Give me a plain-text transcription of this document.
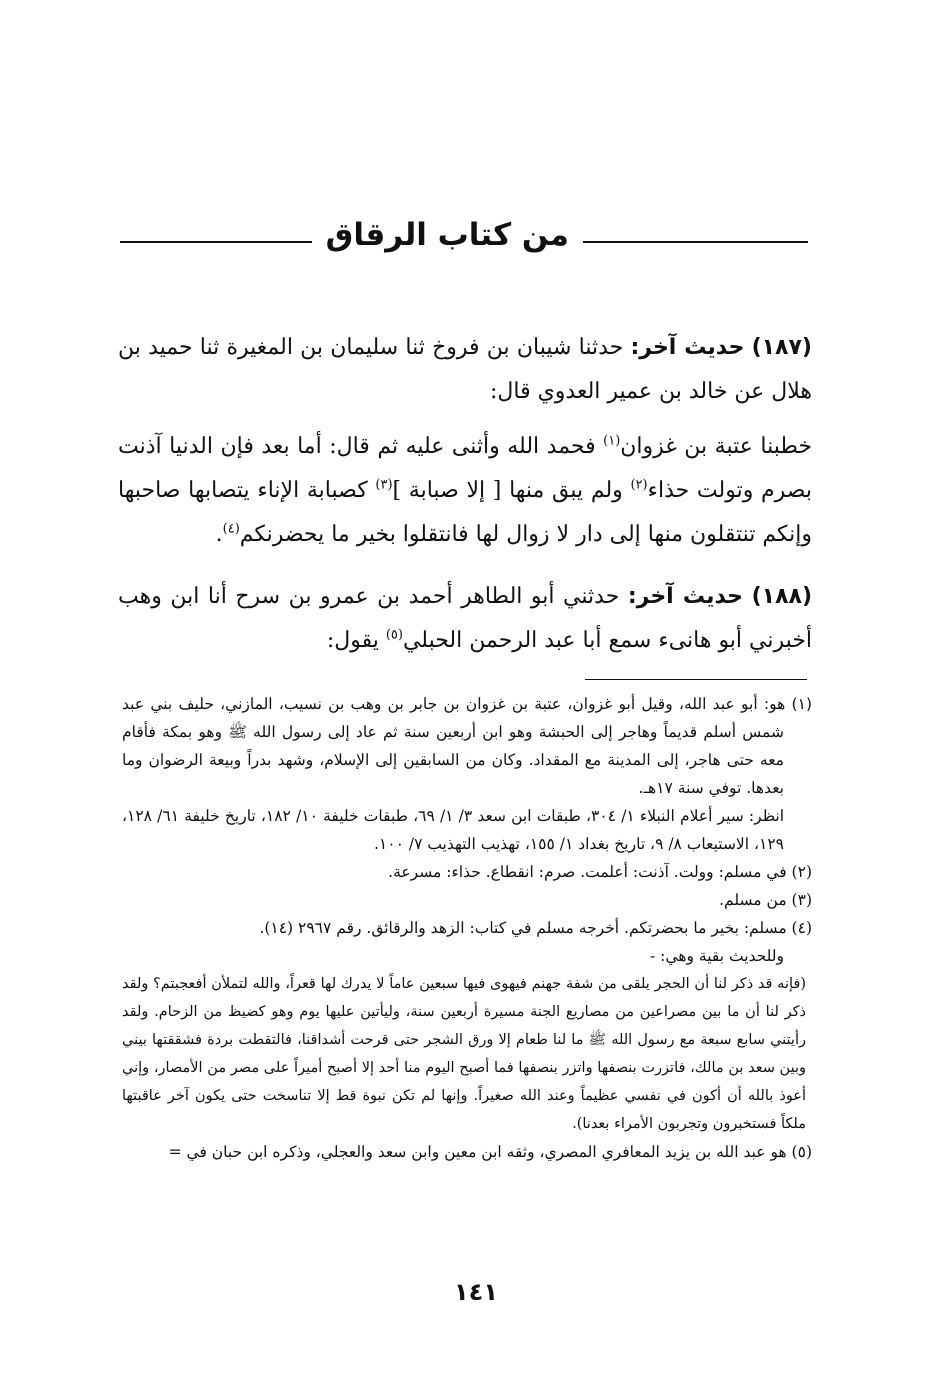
من كتاب الرقاق

(١٨٧) حديث آخر: حدثنا شيبان بن فروخ ثنا سليمان بن المغيرة ثنا حميد بن هلال عن خالد بن عمير العدوي قال:

خطبنا عتبة بن غزوان$^{(١)}$ فحمد الله وأثنى عليه ثم قال: أما بعد فإن الدنيا آذنت بصرم وتولت حذاء$^{(٢)}$ ولم يبق منها [ إلا صبابة ]$^{(٣)}$ كصبابة الإناء يتصابها صاحبها وإنكم تنتقلون منها إلى دار لا زوال لها فانتقلوا بخير ما يحضرنكم$^{(٤)}$.

(١٨٨) حديث آخر: حدثني أبو الطاهر أحمد بن عمرو بن سرح أنا ابن وهب أخبرني أبو هانىء سمع أبا عبد الرحمن الحبلي$^{(٥)}$ يقول:

(١) هو: أبو عبد الله، وقيل أبو غزوان، عتبة بن غزوان بن جابر بن وهب بن نسيب، المازني، حليف بني عبد شمس أسلم قديماً وهاجر إلى الحبشة وهو ابن أربعين سنة ثم عاد إلى رسول الله ﷺ وهو بمكة فأقام معه حتى هاجر، إلى المدينة مع المقداد. وكان من السابقين إلى الإسلام، وشهد بدراً وبيعة الرضوان وما بعدها. توفي سنة ١٧هـ.

انظر: سير أعلام النبلاء ١/ ٣٠٤، طبقات ابن سعد ٣/ ١/ ٦٩، طبقات خليفة ١٠/ ١٨٢، تاريخ خليفة ٦١/ ١٢٨، ١٢٩، الاستيعاب ٨/ ٩، تاريخ بغداد ١/ ١٥٥، تهذيب التهذيب ٧/ ١٠٠.

(٢) في مسلم: وولت. آذنت: أعلمت. صرم: انقطاع. حذاء: مسرعة.

(٣) من مسلم.

(٤) مسلم: بخير ما بحضرتكم. أخرجه مسلم في كتاب: الزهد والرقائق. رقم ٢٩٦٧ (١٤).

وللحديث بقية وهي: -

(فإنه قد ذكر لنا أن الحجر يلقى من شفة جهنم فيهوى فيها سبعين عاماً لا يدرك لها قعراً، والله لتملأن أفعجبتم؟ ولقد ذكر لنا أن ما بين مصراعين من مصاريع الجنة مسيرة أربعين سنة، وليأتين عليها يوم وهو كضيظ من الزحام. ولقد رأيتني سابع سبعة مع رسول الله ﷺ ما لنا طعام إلا ورق الشجر حتى قرحت أشداقنا، فالتقطت بردة فشققتها بيني وبين سعد بن مالك، فاتزرت بنصفها واتزر بنصفها فما أصبح اليوم منا أحد إلا أصبح أميراً على مصر من الأمصار، وإني أعوذ بالله أن أكون في نفسي عظيماً وعند الله صغيراً. وإنها لم تكن نبوة قط إلا تناسخت حتى يكون آخر عاقبتها ملكاً فستخبرون وتجربون الأمراء بعدنا).

(٥) هو عبد الله بن يزيد المعافري المصري، وثقه ابن معين وابن سعد والعجلي، وذكره ابن حبان في =

١٤١
